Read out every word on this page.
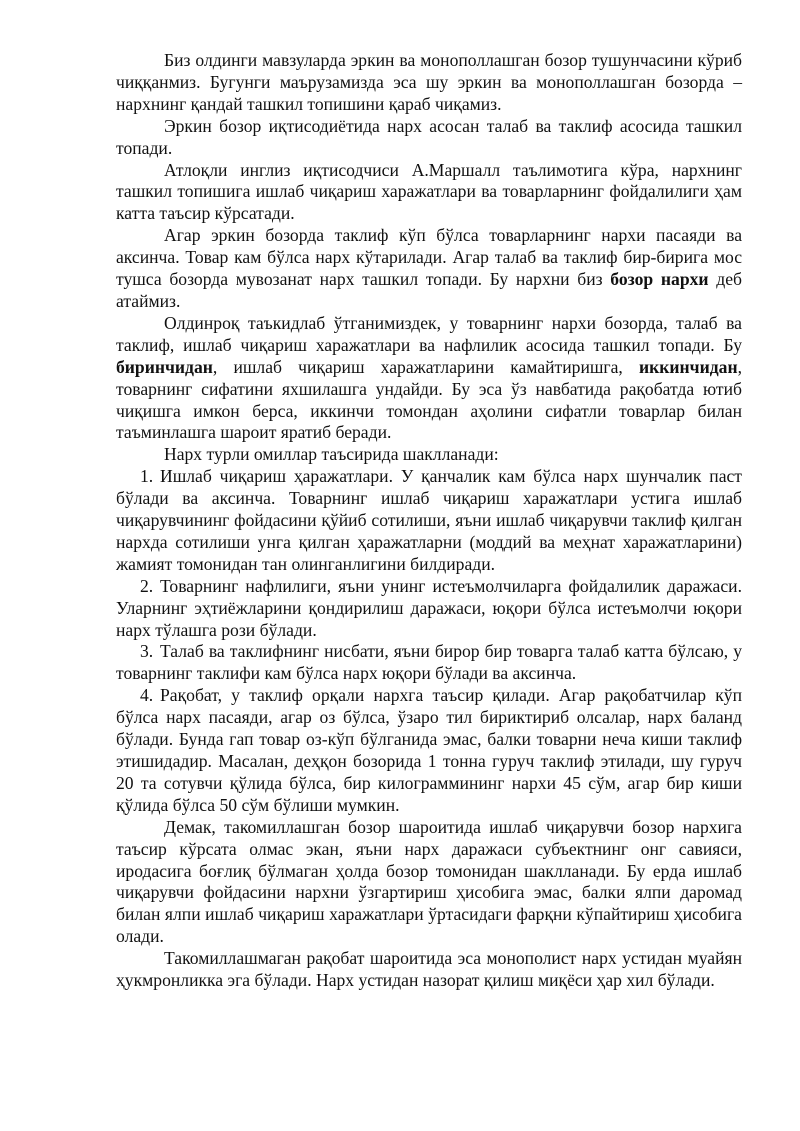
Биз олдинги мавзуларда эркин ва монополлашган бозор тушунчасини кўриб чиққанмиз. Бугунги маърузамизда эса шу эркин ва монополлашган бозорда – нархнинг қандай ташкил топишини қараб чиқамиз.

Эркин бозор иқтисодиётида нарх асосан талаб ва таклиф асосида ташкил топади.

Атлоқли инглиз иқтисодчиси А.Маршалл таълимотига кўра, нархнинг ташкил топишига ишлаб чиқариш харажатлари ва товарларнинг фойдалилиги ҳам катта таъсир кўрсатади.

Агар эркин бозорда таклиф кўп бўлса товарларнинг нархи пасаяди ва аксинча. Товар кам бўлса нарх кўтарилади. Агар талаб ва таклиф бир-бирига мос тушса бозорда мувозанат нарх ташкил топади. Бу нархни биз бозор нархи деб атаймиз.

Олдинроқ таъкидлаб ўтганимиздек, у товарнинг нархи бозорда, талаб ва таклиф, ишлаб чиқариш харажатлари ва нафлилик асосида ташкил топади. Бу биринчидан, ишлаб чиқариш харажатларини камайтиришга, иккинчидан, товарнинг сифатини яхшилашга ундайди. Бу эса ўз навбатида рақобатда ютиб чиқишга имкон берса, иккинчи томондан аҳолини сифатли товарлар билан таъминлашга шароит яратиб беради.

Нарх турли омиллар таъсирида шаклланади:

1. Ишлаб чиқариш ҳаражатлари. У қанчалик кам бўлса нарх шунчалик паст бўлади ва аксинча. Товарнинг ишлаб чиқариш харажатлари устига ишлаб чиқарувчининг фойдасини қўйиб сотилиши, яъни ишлаб чиқарувчи таклиф қилган нархда сотилиши унга қилган ҳаражатларни (моддий ва меҳнат харажатларини) жамият томонидан тан олинганлигини билдиради.

2. Товарнинг нафлилиги, яъни унинг истеъмолчиларга фойдалилик даражаси. Уларнинг эҳтиёжларини қондирилиш даражаси, юқори бўлса истеъмолчи юқори нарх тўлашга рози бўлади.

3. Талаб ва таклифнинг нисбати, яъни бирор бир товарга талаб катта бўлсаю, у товарнинг таклифи кам бўлса нарх юқори бўлади ва аксинча.

4. Рақобат, у таклиф орқали нархга таъсир қилади. Агар рақобатчилар кўп бўлса нарх пасаяди, агар оз бўлса, ўзаро тил бириктириб олсалар, нарх баланд бўлади. Бунда гап товар оз-кўп бўлганида эмас, балки товарни неча киши таклиф этишидадир. Масалан, деҳқон бозорида 1 тонна гуруч таклиф этилади, шу гуруч 20 та сотувчи қўлида бўлса, бир килограммининг нархи 45 сўм, агар бир киши қўлида бўлса 50 сўм бўлиши мумкин.

Демак, такомиллашган бозор шароитида ишлаб чиқарувчи бозор нархига таъсир кўрсата олмас экан, яъни нарх даражаси субъектнинг онг савияси, иродасига боғлиқ бўлмаган ҳолда бозор томонидан шаклланади. Бу ерда ишлаб чиқарувчи фойдасини нархни ўзгартириш ҳисобига эмас, балки ялпи даромад билан ялпи ишлаб чиқариш харажатлари ўртасидаги фарқни кўпайтириш ҳисобига олади.

Такомиллашмаган рақобат шароитида эса монополист нарх устидан муайян ҳукмронликка эга бўлади. Нарх устидан назорат қилиш миқёси ҳар хил бўлади.
